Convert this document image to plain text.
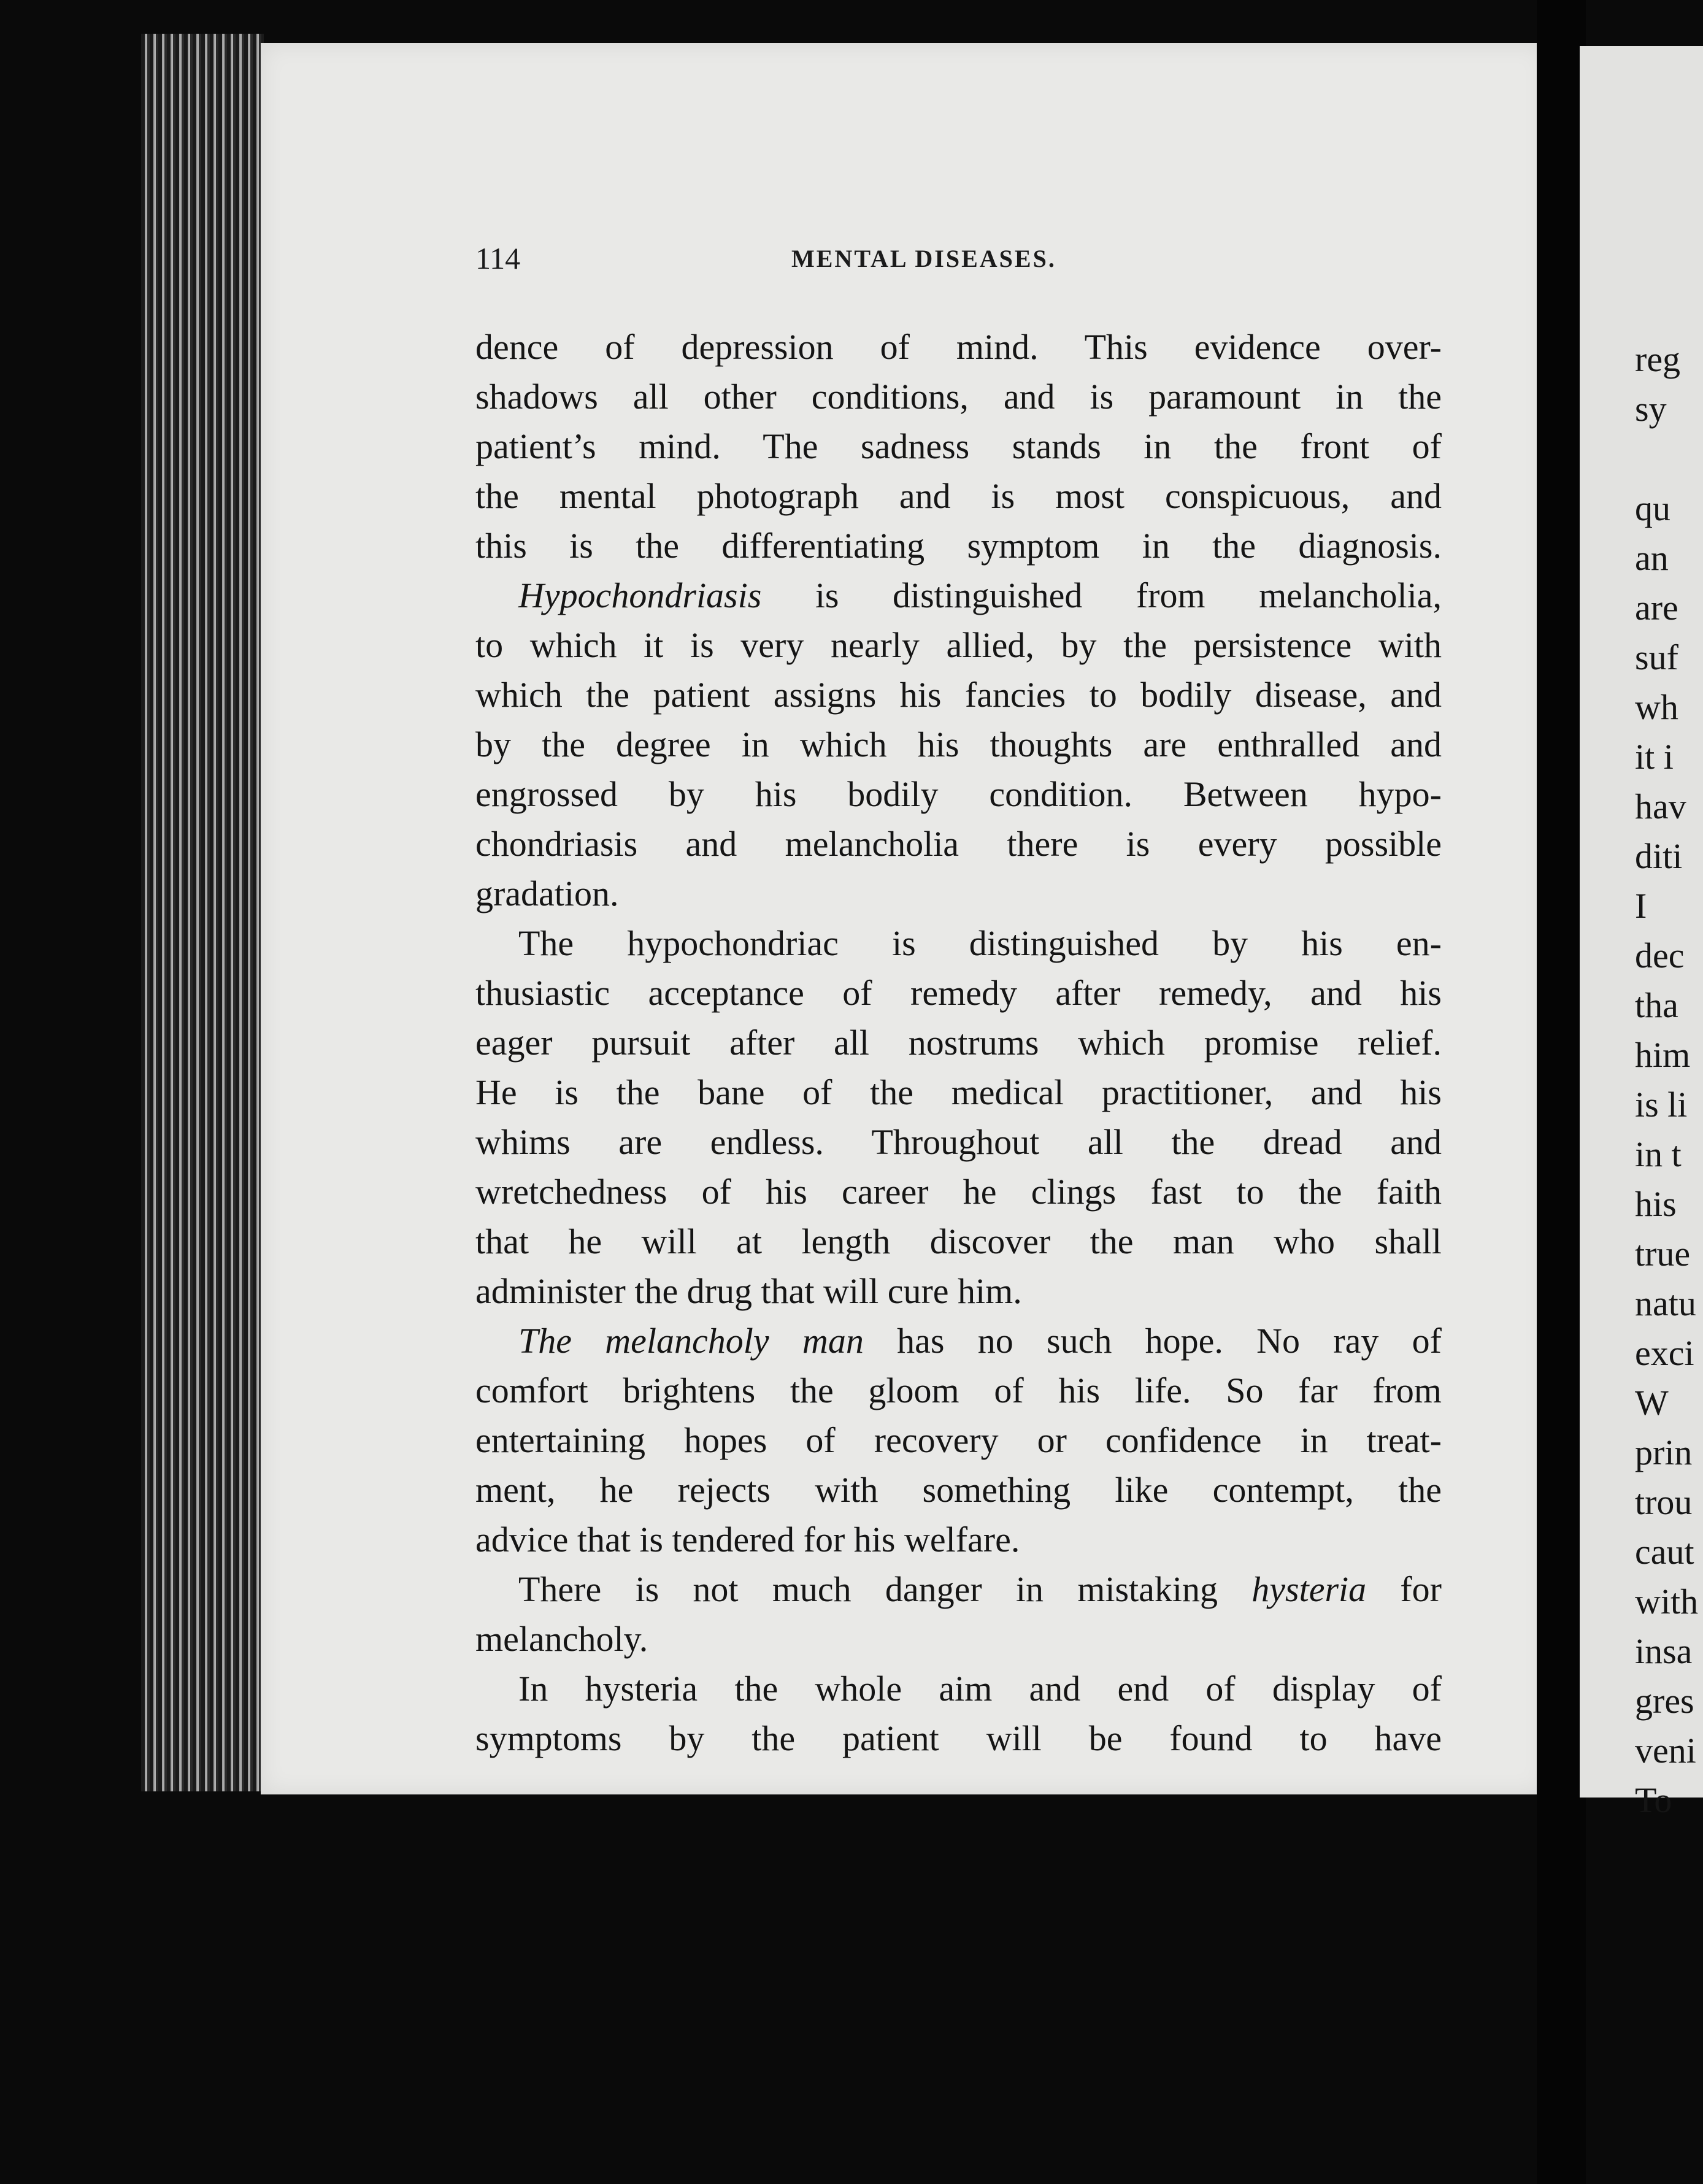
reg
sy
qu
an
are
suf
wh
it i
hav
diti
I
dec
tha
him
is li
in t
his
true
natu
exci
W
prin
trou
caut
with
insa
gres
veni
To
114	MENTAL DISEASES.
dence of depression of mind. This evidence over-
shadows all other conditions, and is paramount in the
patient’s mind. The sadness stands in the front of
the mental photograph and is most conspicuous, and
this is the differentiating symptom in the diagnosis.
Hypochondriasis is distinguished from melancholia,
to which it is very nearly allied, by the persistence with
which the patient assigns his fancies to bodily disease, and
by the degree in which his thoughts are enthralled and
engrossed by his bodily condition. Between hypo-
chondriasis and melancholia there is every possible
gradation.
The hypochondriac is distinguished by his en-
thusiastic acceptance of remedy after remedy, and his
eager pursuit after all nostrums which promise relief.
He is the bane of the medical practitioner, and his
whims are endless. Throughout all the dread and
wretchedness of his career he clings fast to the faith
that he will at length discover the man who shall
administer the drug that will cure him.
The melancholy man has no such hope. No ray of
comfort brightens the gloom of his life. So far from
entertaining hopes of recovery or confidence in treat-
ment, he rejects with something like contempt, the
advice that is tendered for his welfare.
There is not much danger in mistaking hysteria for
melancholy.
In hysteria the whole aim and end of display of
symptoms by the patient will be found to have
